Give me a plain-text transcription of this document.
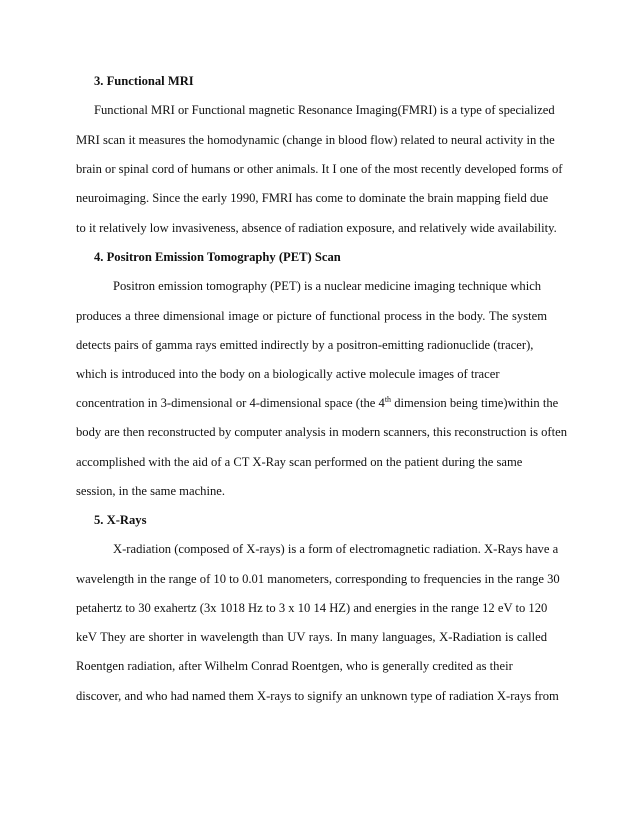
3. Functional MRI
Functional MRI or Functional magnetic Resonance Imaging(FMRI) is a type of specialized
MRI scan it measures the homodynamic (change in blood flow) related to neural activity in the
brain or spinal cord of humans or other animals. It I one of the most recently developed forms of
neuroimaging. Since the early 1990, FMRI has come to dominate the brain mapping field due
to it relatively low invasiveness, absence of radiation exposure, and relatively wide availability.
4. Positron Emission Tomography (PET) Scan
Positron emission tomography (PET) is a nuclear medicine imaging technique which
produces a three dimensional image or picture of functional process in the body. The system
detects pairs of gamma rays emitted indirectly by a positron-emitting radionuclide (tracer),
which is introduced into the body on a biologically active molecule images of tracer
concentration in 3-dimensional or 4-dimensional space (the 4th dimension being time)within the
body are then reconstructed by computer analysis in modern scanners, this reconstruction is often
accomplished with the aid of a CT X-Ray scan performed on the patient during the same
session, in the same machine.
5. X-Rays
X-radiation (composed of X-rays) is a form of electromagnetic radiation. X-Rays have a
wavelength in the range of 10 to 0.01 manometers, corresponding to frequencies in the range 30
petahertz to 30 exahertz (3x 1018 Hz to 3 x 10 14 HZ) and energies in the range 12 eV to 120
keV They are shorter in wavelength than UV rays. In many languages, X-Radiation is called
Roentgen radiation, after Wilhelm Conrad Roentgen, who is generally credited as their
discover, and who had named them X-rays to signify an unknown type of radiation X-rays from
